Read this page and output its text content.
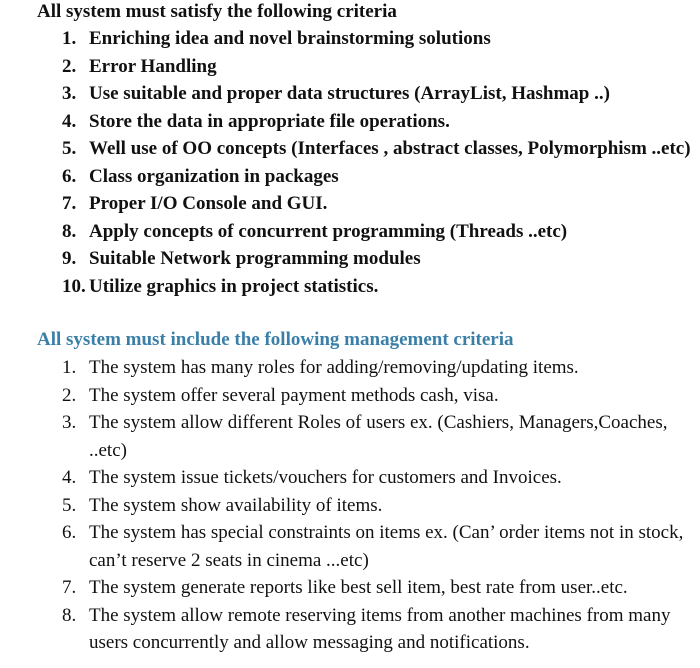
All system must satisfy the following criteria
1. Enriching idea and novel brainstorming solutions
2. Error Handling
3. Use suitable and proper data structures (ArrayList, Hashmap ..)
4. Store the data in appropriate file operations.
5. Well use of OO concepts (Interfaces , abstract classes, Polymorphism ..etc)
6. Class organization in packages
7. Proper I/O Console and GUI.
8. Apply concepts of concurrent programming (Threads ..etc)
9. Suitable Network programming modules
10. Utilize graphics in project statistics.
All system must include the following management criteria
1. The system has many roles for adding/removing/updating items.
2. The system offer several payment methods cash, visa.
3. The system allow different Roles of users ex. (Cashiers, Managers,Coaches, ..etc)
4. The system issue tickets/vouchers for customers and Invoices.
5. The system show availability of items.
6. The system has special constraints on items ex. (Can’ order items not in stock, can’t reserve 2 seats in cinema ...etc)
7. The system generate reports like best sell item, best rate from user..etc.
8. The system allow remote reserving items from another machines from many users concurrently and allow messaging and notifications.
